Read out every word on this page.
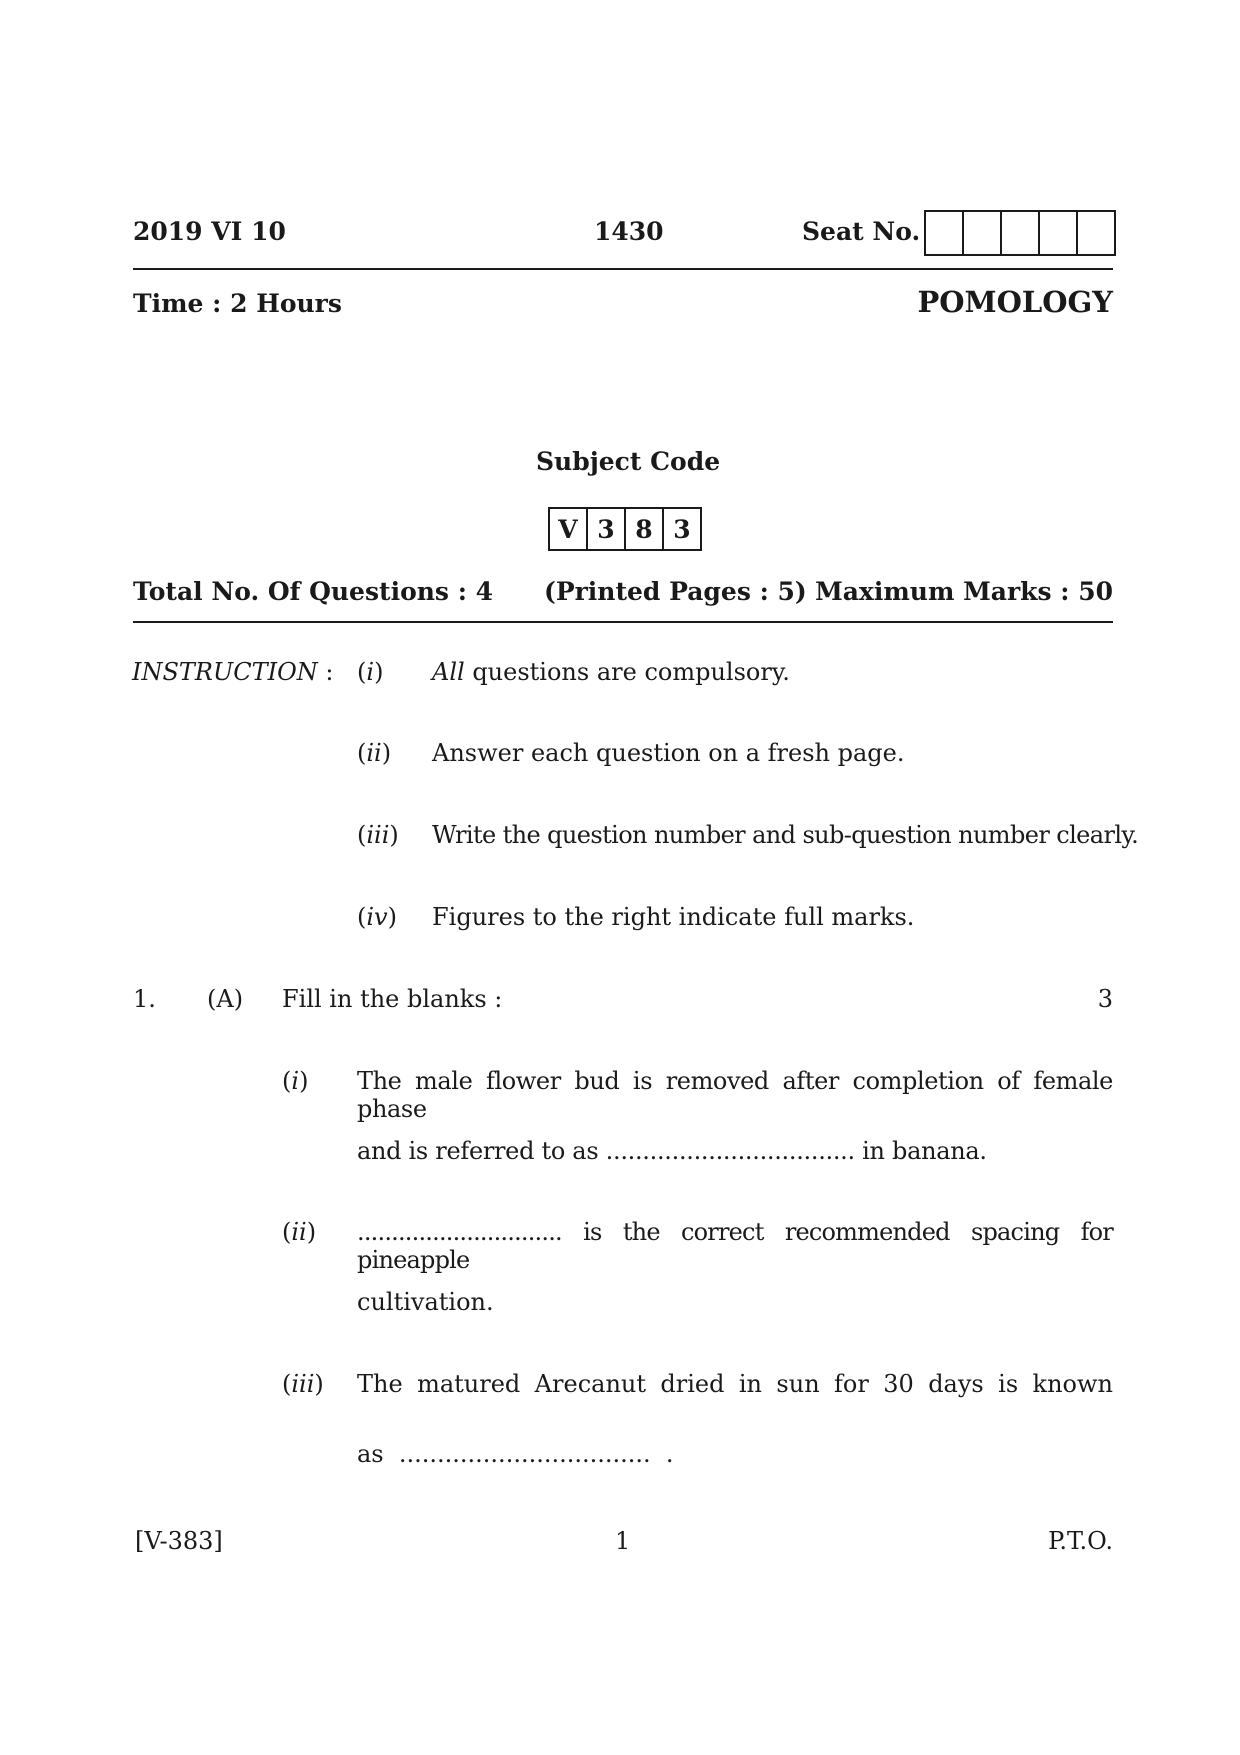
2019 VI 10	1430	Seat No.
Time : 2 Hours	POMOLOGY
Subject Code
V 3 8 3
Total No. Of Questions : 4 (Printed Pages : 5) Maximum Marks : 50
INSTRUCTION : (i) All questions are compulsory.
(ii) Answer each question on a fresh page.
(iii) Write the question number and sub-question number clearly.
(iv) Figures to the right indicate full marks.
1. (A) Fill in the blanks :	3
(i) The male flower bud is removed after completion of female phase
and is referred to as .................................. in banana.
(ii) .............................. is the correct recommended spacing for pineapple
cultivation.
(iii) The matured Arecanut dried in sun for 30 days is known
as  .................................  .
[V-383]	1	P.T.O.
